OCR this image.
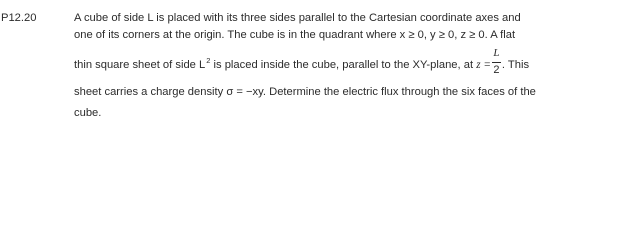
P12.20	A cube of side L is placed with its three sides parallel to the Cartesian coordinate axes and
one of its corners at the origin. The cube is in the quadrant where x ≥ 0, y ≥ 0, z ≥ 0. A flat
thin square sheet of side $L^2$ is placed inside the cube, parallel to the XY-plane, at $z = \frac{L}{2}$ . This
sheet carries a charge density σ = −xy. Determine the electric flux through the six faces of the
cube.
